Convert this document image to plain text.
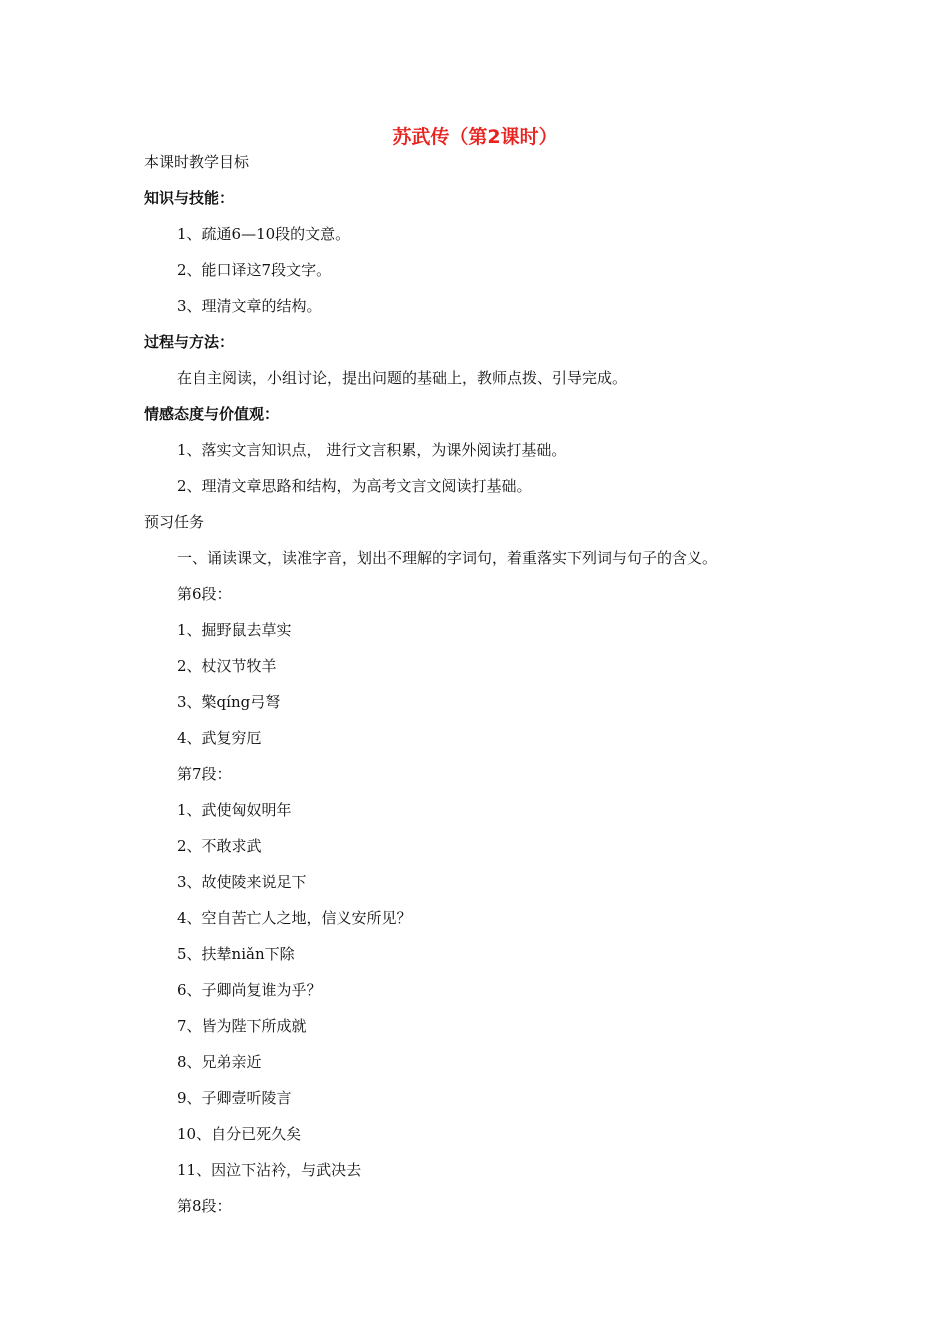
苏武传（第2课时）
本课时教学目标
知识与技能：
1、疏通6—10段的文意。
2、能口译这7段文字。
3、理清文章的结构。
过程与方法：
在自主阅读，小组讨论，提出问题的基础上，教师点拨、引导完成。
情感态度与价值观：
1、落实文言知识点， 进行文言积累，为课外阅读打基础。
2、理清文章思路和结构，为高考文言文阅读打基础。
预习任务
一、诵读课文，读准字音，划出不理解的字词句，着重落实下列词与句子的含义。
第6段：
1、掘野鼠去草实
2、杖汉节牧羊
3、檠qíng弓弩
4、武复穷厄
第7段：
1、武使匈奴明年
2、不敢求武
3、故使陵来说足下
4、空自苦亡人之地，信义安所见？
5、扶辇niǎn下除
6、子卿尚复谁为乎？
7、皆为陛下所成就
8、兄弟亲近
9、子卿壹听陵言
10、自分已死久矣
11、因泣下沾衿，与武决去
第8段：
